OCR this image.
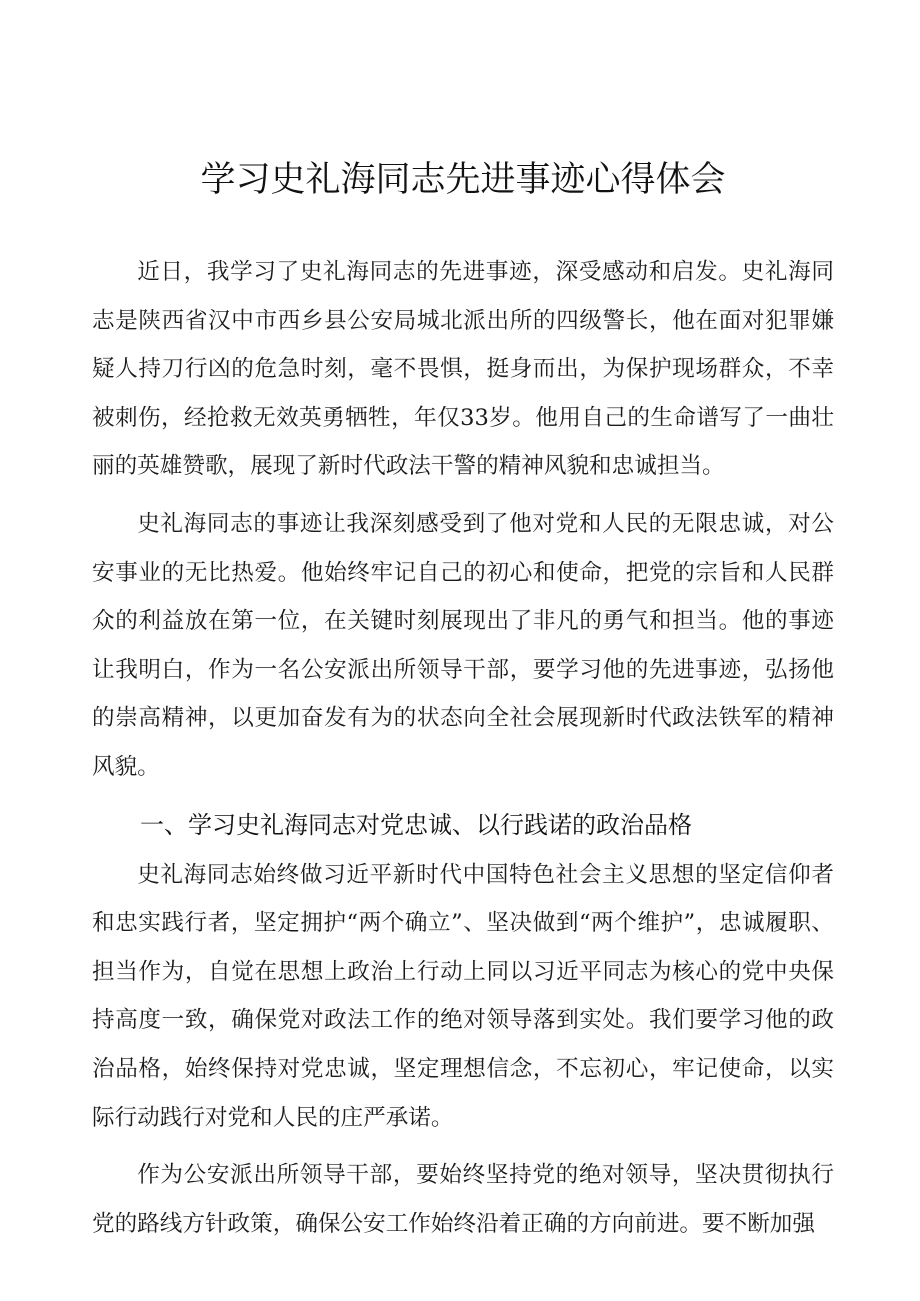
学习史礼海同志先进事迹心得体会

近日，我学习了史礼海同志的先进事迹，深受感动和启发。史礼海同志是陕西省汉中市西乡县公安局城北派出所的四级警长，他在面对犯罪嫌疑人持刀行凶的危急时刻，毫不畏惧，挺身而出，为保护现场群众，不幸被刺伤，经抢救无效英勇牺牲，年仅33岁。他用自己的生命谱写了一曲壮丽的英雄赞歌，展现了新时代政法干警的精神风貌和忠诚担当。

史礼海同志的事迹让我深刻感受到了他对党和人民的无限忠诚，对公安事业的无比热爱。他始终牢记自己的初心和使命，把党的宗旨和人民群众的利益放在第一位，在关键时刻展现出了非凡的勇气和担当。他的事迹让我明白，作为一名公安派出所领导干部，要学习他的先进事迹，弘扬他的崇高精神，以更加奋发有为的状态向全社会展现新时代政法铁军的精神风貌。

一、学习史礼海同志对党忠诚、以行践诺的政治品格

史礼海同志始终做习近平新时代中国特色社会主义思想的坚定信仰者和忠实践行者，坚定拥护“两个确立”、坚决做到“两个维护”，忠诚履职、担当作为，自觉在思想上政治上行动上同以习近平同志为核心的党中央保持高度一致，确保党对政法工作的绝对领导落到实处。我们要学习他的政治品格，始终保持对党忠诚，坚定理想信念，不忘初心，牢记使命，以实际行动践行对党和人民的庄严承诺。

作为公安派出所领导干部，要始终坚持党的绝对领导，坚决贯彻执行党的路线方针政策，确保公安工作始终沿着正确的方向前进。要不断加强
